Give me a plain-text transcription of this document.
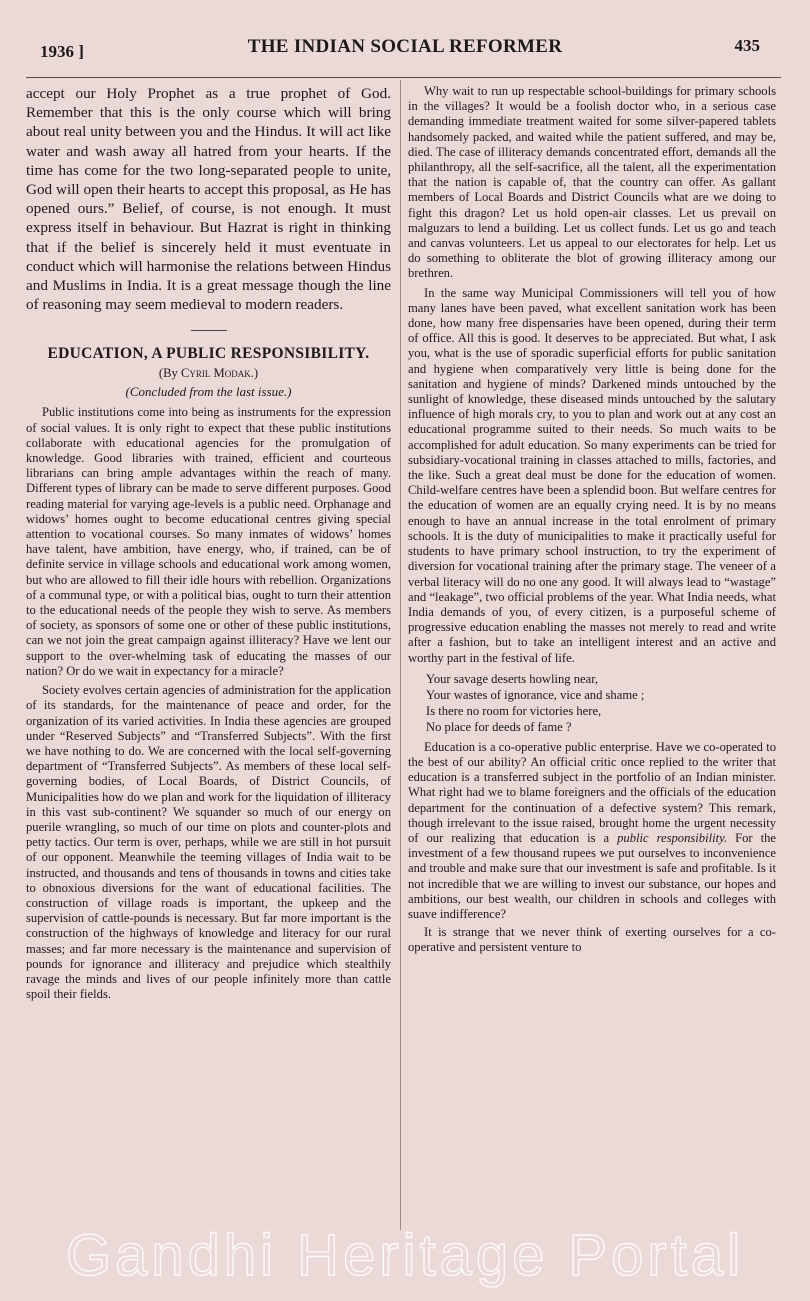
1936 ]	THE INDIAN SOCIAL REFORMER	435

accept our Holy Prophet as a true prophet of God. Remember that this is the only course which will bring about real unity between you and the Hindus. It will act like water and wash away all hatred from your hearts. If the time has come for the two long-separated people to unite, God will open their hearts to accept this proposal, as He has opened ours.” Belief, of course, is not enough. It must express itself in behaviour. But Hazrat is right in thinking that if the belief is sincerely held it must eventuate in conduct which will harmonise the relations between Hindus and Muslims in India. It is a great message though the line of reasoning may seem medieval to modern readers.

EDUCATION, A PUBLIC RESPONSIBILITY.
(By Cyril Modak.)
(Concluded from the last issue.)

Public institutions come into being as instruments for the expression of social values. It is only right to expect that these public institutions collaborate with educational agencies for the promulgation of knowledge. Good libraries with trained, efficient and courteous librarians can bring ample advantages within the reach of many. Different types of library can be made to serve different purposes. Good reading material for varying age-levels is a public need. Orphanage and widows’ homes ought to become educational centres giving special attention to vocational courses. So many inmates of widows’ homes have talent, have ambition, have energy, who, if trained, can be of definite service in village schools and educational work among women, but who are allowed to fill their idle hours with rebellion. Organizations of a communal type, or with a political bias, ought to turn their attention to the educational needs of the people they wish to serve. As members of society, as sponsors of some one or other of these public institutions, can we not join the great campaign against illiteracy? Have we lent our support to the over-whelming task of educating the masses of our nation? Or do we wait in expectancy for a miracle?

Society evolves certain agencies of administration for the application of its standards, for the maintenance of peace and order, for the organization of its varied activities. In India these agencies are grouped under “Reserved Subjects” and “Transferred Subjects”. With the first we have nothing to do. We are concerned with the local self-governing department of “Transferred Subjects”. As members of these local self-governing bodies, of Local Boards, of District Councils, of Municipalities how do we plan and work for the liquidation of illiteracy in this vast sub-continent? We squander so much of our energy on puerile wrangling, so much of our time on plots and counter-plots and petty tactics. Our term is over, perhaps, while we are still in hot pursuit of our opponent. Meanwhile the teeming villages of India wait to be instructed, and thousands and tens of thousands in towns and cities take to obnoxious diversions for the want of educational facilities. The construction of village roads is important, the upkeep and the supervision of cattle-pounds is necessary. But far more important is the construction of the highways of knowledge and literacy for our rural masses; and far more necessary is the maintenance and supervision of pounds for ignorance and illiteracy and prejudice which stealthily ravage the minds and lives of our people infinitely more than cattle spoil their fields.

Why wait to run up respectable school-buildings for primary schools in the villages? It would be a foolish doctor who, in a serious case demanding immediate treatment waited for some silver-papered tablets handsomely packed, and waited while the patient suffered, and may be, died. The case of illiteracy demands concentrated effort, demands all the philanthropy, all the self-sacrifice, all the talent, all the experimentation that the nation is capable of, that the country can offer. As gallant members of Local Boards and District Councils what are we doing to fight this dragon? Let us hold open-air classes. Let us prevail on malguzars to lend a building. Let us collect funds. Let us go and teach and canvas volunteers. Let us appeal to our electorates for help. Let us do something to obliterate the blot of growing illiteracy among our brethren.

In the same way Municipal Commissioners will tell you of how many lanes have been paved, what excellent sanitation work has been done, how many free dispensaries have been opened, during their term of office. All this is good. It deserves to be appreciated. But what, I ask you, what is the use of sporadic superficial efforts for public sanitation and hygiene when comparatively very little is being done for the sanitation and hygiene of minds? Darkened minds untouched by the sunlight of knowledge, these diseased minds untouched by the salutary influence of high morals cry, to you to plan and work out at any cost an educational programme suited to their needs. So much waits to be accomplished for adult education. So many experiments can be tried for subsidiary-vocational training in classes attached to mills, factories, and the like. Such a great deal must be done for the education of women. Child-welfare centres have been a splendid boon. But welfare centres for the education of women are an equally crying need. It is by no means enough to have an annual increase in the total enrolment of primary schools. It is the duty of municipalities to make it practically useful for students to have primary school instruction, to try the experiment of diversion for vocational training after the primary stage. The veneer of a verbal literacy will do no one any good. It will always lead to “wastage” and “leakage”, two official problems of the year. What India needs, what India demands of you, of every citizen, is a purposeful scheme of progressive education enabling the masses not merely to read and write after a fashion, but to take an intelligent interest and an active and worthy part in the festival of life.

Your savage deserts howling near,
Your wastes of ignorance, vice and shame ;
Is there no room for victories here,
No place for deeds of fame ?

Education is a co-operative public enterprise. Have we co-operated to the best of our ability? An official critic once replied to the writer that education is a transferred subject in the portfolio of an Indian minister. What right had we to blame foreigners and the officials of the education department for the continuation of a defective system? This remark, though irrelevant to the issue raised, brought home the urgent necessity of our realizing that education is a public responsibility. For the investment of a few thousand rupees we put ourselves to inconvenience and trouble and make sure that our investment is safe and profitable. Is it not incredible that we are willing to invest our substance, our hopes and ambitions, our best wealth, our children in schools and colleges with suave indifference?

It is strange that we never think of exerting ourselves for a co-operative and persistent venture to

Gandhi Heritage Portal
